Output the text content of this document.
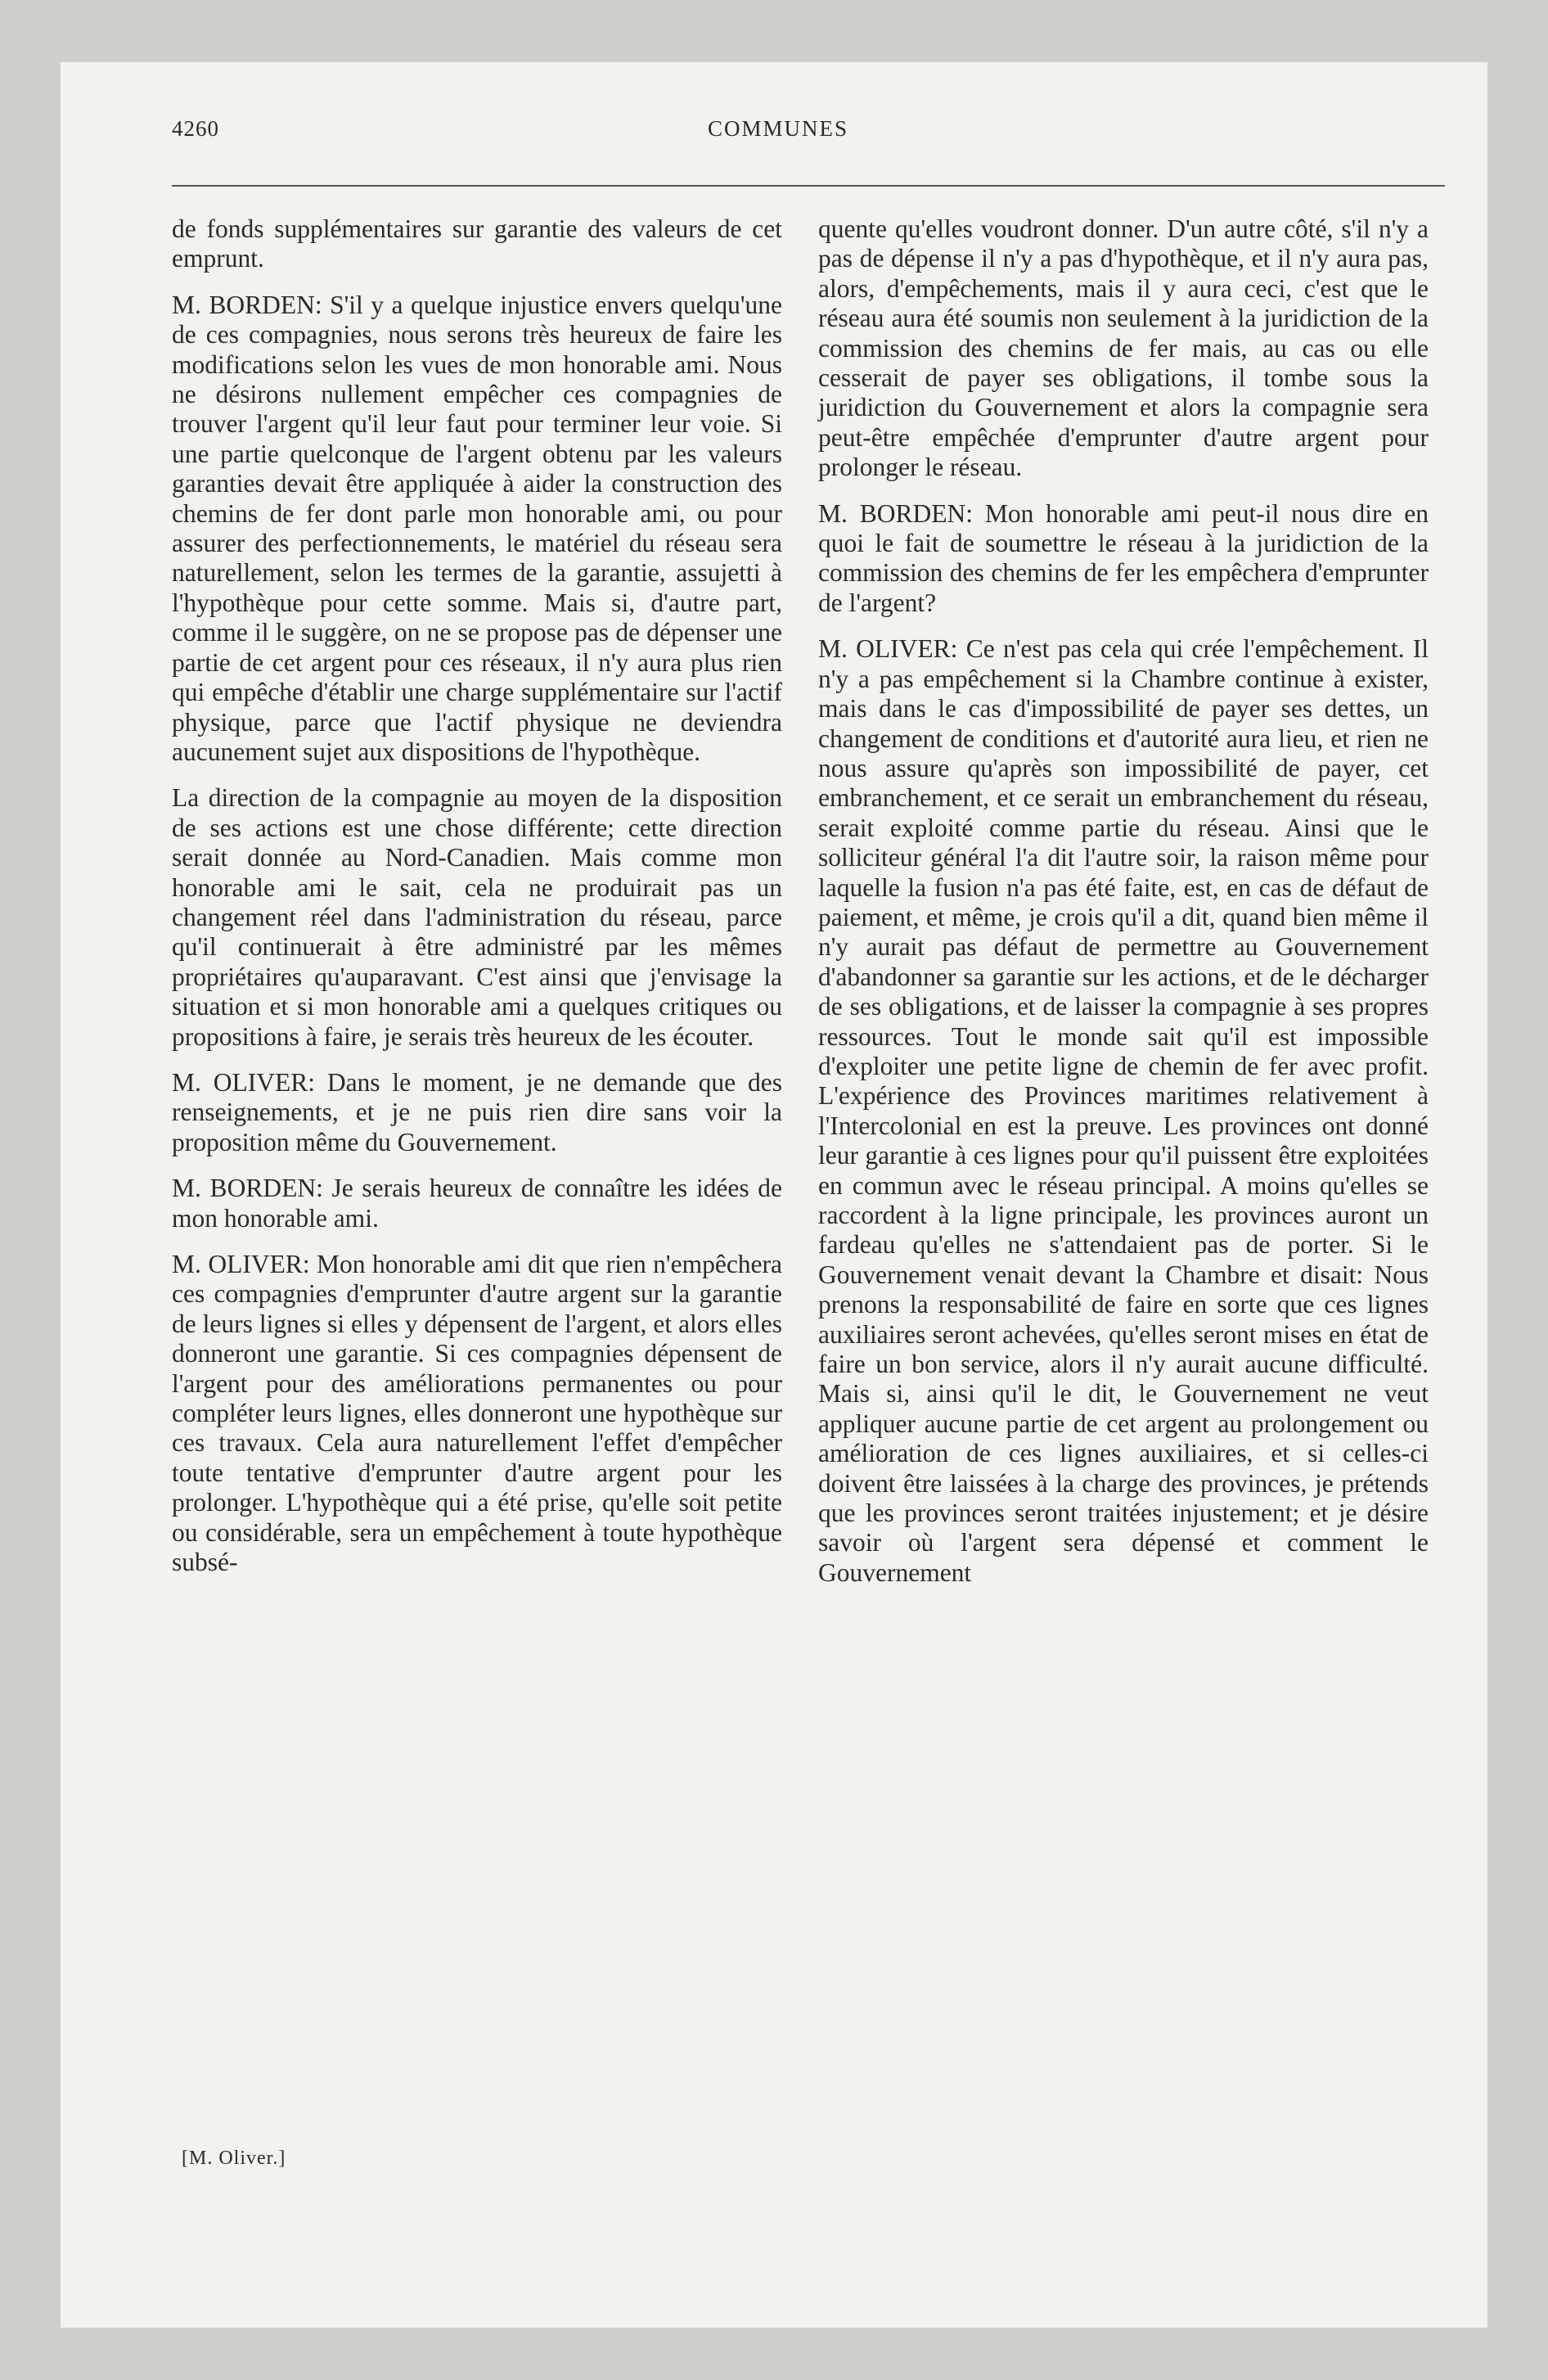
4260	COMMUNES

de fonds supplémentaires sur garantie des valeurs de cet emprunt.

M. BORDEN: S'il y a quelque injustice envers quelqu'une de ces compagnies, nous serons très heureux de faire les modifications selon les vues de mon honorable ami. Nous ne désirons nullement empêcher ces compagnies de trouver l'argent qu'il leur faut pour terminer leur voie. Si une partie quelconque de l'argent obtenu par les valeurs garanties devait être appliquée à aider la construction des chemins de fer dont parle mon honorable ami, ou pour assurer des perfectionnements, le matériel du réseau sera naturellement, selon les termes de la garantie, assujetti à l'hypothèque pour cette somme. Mais si, d'autre part, comme il le suggère, on ne se propose pas de dépenser une partie de cet argent pour ces réseaux, il n'y aura plus rien qui empêche d'établir une charge supplémentaire sur l'actif physique, parce que l'actif physique ne deviendra aucunement sujet aux dispositions de l'hypothèque.

La direction de la compagnie au moyen de la disposition de ses actions est une chose différente; cette direction serait donnée au Nord-Canadien. Mais comme mon honorable ami le sait, cela ne produirait pas un changement réel dans l'administration du réseau, parce qu'il continuerait à être administré par les mêmes propriétaires qu'auparavant. C'est ainsi que j'envisage la situation et si mon honorable ami a quelques critiques ou propositions à faire, je serais très heureux de les écouter.

M. OLIVER: Dans le moment, je ne demande que des renseignements, et je ne puis rien dire sans voir la proposition même du Gouvernement.

M. BORDEN: Je serais heureux de connaître les idées de mon honorable ami.

M. OLIVER: Mon honorable ami dit que rien n'empêchera ces compagnies d'emprunter d'autre argent sur la garantie de leurs lignes si elles y dépensent de l'argent, et alors elles donneront une garantie. Si ces compagnies dépensent de l'argent pour des améliorations permanentes ou pour compléter leurs lignes, elles donneront une hypothèque sur ces travaux. Cela aura naturellement l'effet d'empêcher toute tentative d'emprunter d'autre argent pour les prolonger. L'hypothèque qui a été prise, qu'elle soit petite ou considérable, sera un empêchement à toute hypothèque subsé-

quente qu'elles voudront donner. D'un autre côté, s'il n'y a pas de dépense il n'y a pas d'hypothèque, et il n'y aura pas, alors, d'empêchements, mais il y aura ceci, c'est que le réseau aura été soumis non seulement à la juridiction de la commission des chemins de fer mais, au cas ou elle cesserait de payer ses obligations, il tombe sous la juridiction du Gouvernement et alors la compagnie sera peut-être empêchée d'emprunter d'autre argent pour prolonger le réseau.

M. BORDEN: Mon honorable ami peut-il nous dire en quoi le fait de soumettre le réseau à la juridiction de la commission des chemins de fer les empêchera d'emprunter de l'argent?

M. OLIVER: Ce n'est pas cela qui crée l'empêchement. Il n'y a pas empêchement si la Chambre continue à exister, mais dans le cas d'impossibilité de payer ses dettes, un changement de conditions et d'autorité aura lieu, et rien ne nous assure qu'après son impossibilité de payer, cet embranchement, et ce serait un embranchement du réseau, serait exploité comme partie du réseau. Ainsi que le solliciteur général l'a dit l'autre soir, la raison même pour laquelle la fusion n'a pas été faite, est, en cas de défaut de paiement, et même, je crois qu'il a dit, quand bien même il n'y aurait pas défaut de permettre au Gouvernement d'abandonner sa garantie sur les actions, et de le décharger de ses obligations, et de laisser la compagnie à ses propres ressources. Tout le monde sait qu'il est impossible d'exploiter une petite ligne de chemin de fer avec profit. L'expérience des Provinces maritimes relativement à l'Intercolonial en est la preuve. Les provinces ont donné leur garantie à ces lignes pour qu'il puissent être exploitées en commun avec le réseau principal. A moins qu'elles se raccordent à la ligne principale, les provinces auront un fardeau qu'elles ne s'attendaient pas de porter. Si le Gouvernement venait devant la Chambre et disait: Nous prenons la responsabilité de faire en sorte que ces lignes auxiliaires seront achevées, qu'elles seront mises en état de faire un bon service, alors il n'y aurait aucune difficulté. Mais si, ainsi qu'il le dit, le Gouvernement ne veut appliquer aucune partie de cet argent au prolongement ou amélioration de ces lignes auxiliaires, et si celles-ci doivent être laissées à la charge des provinces, je prétends que les provinces seront traitées injustement; et je désire savoir où l'argent sera dépensé et comment le Gouvernement

[M. Oliver.]
